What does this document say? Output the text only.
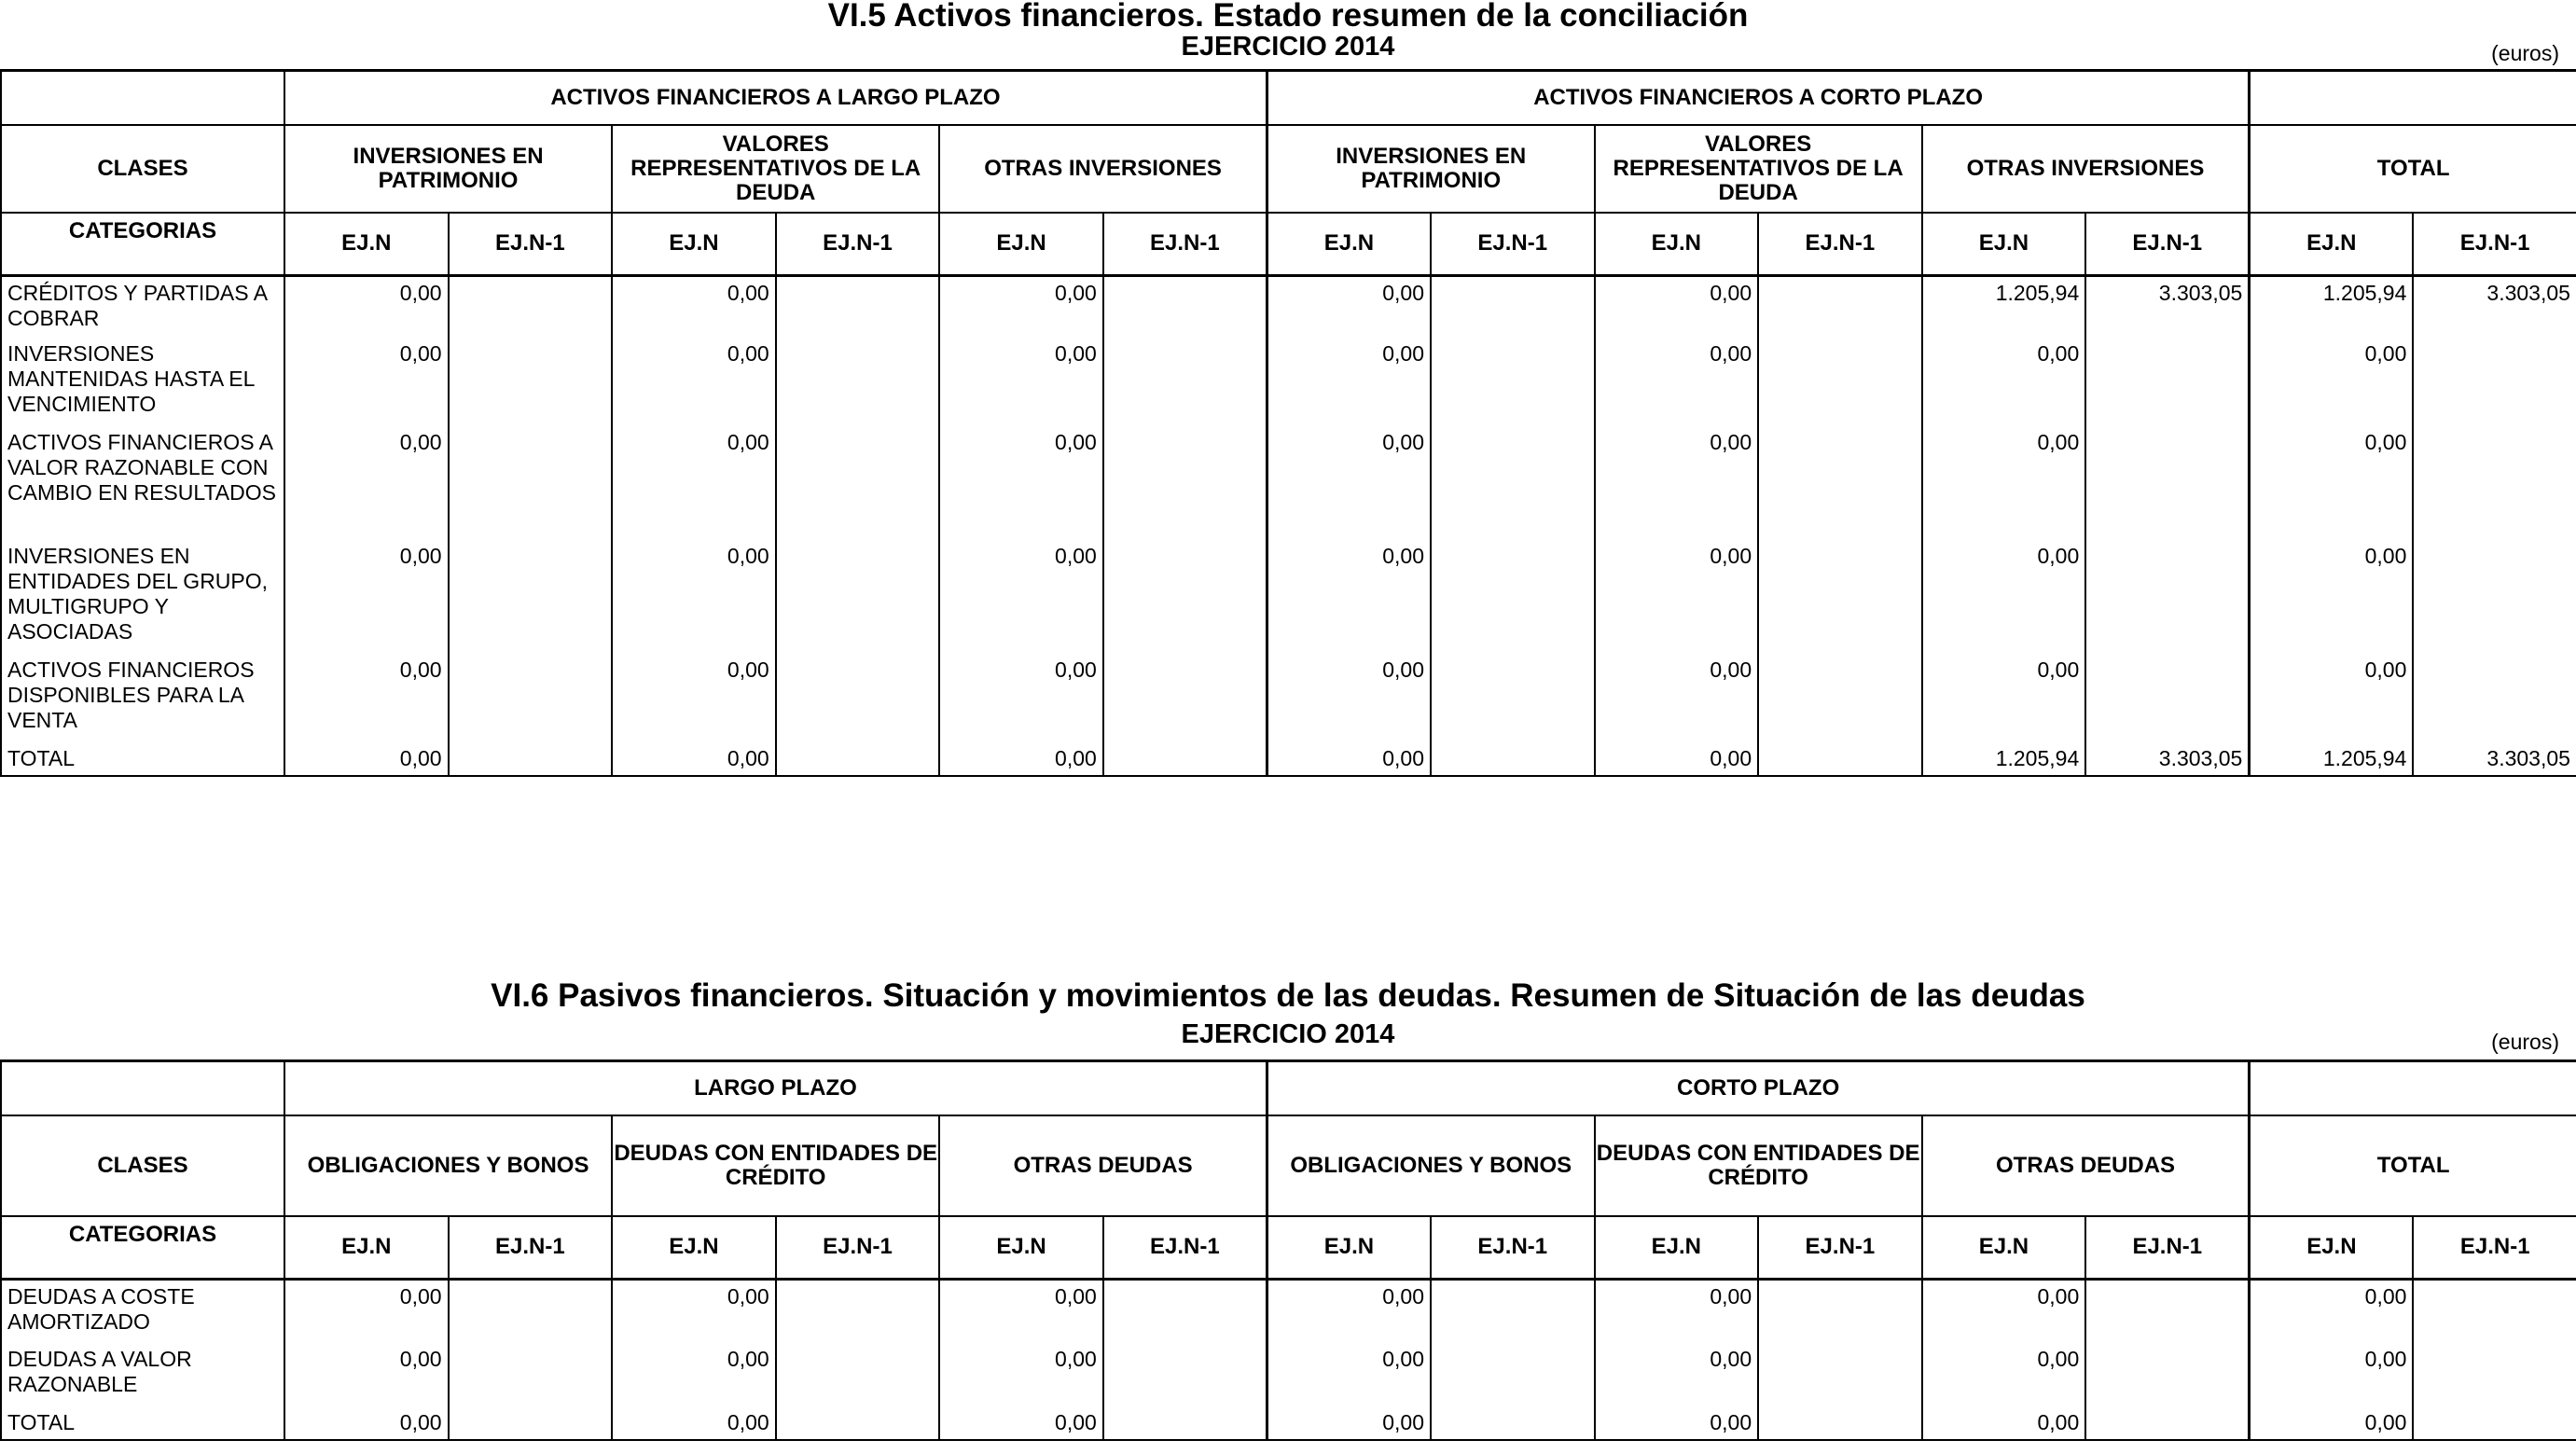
VI.5 Activos financieros. Estado resumen de la conciliación
EJERCICIO 2014	(euros)
	ACTIVOS FINANCIEROS A LARGO PLAZO						ACTIVOS FINANCIEROS A CORTO PLAZO							
CLASES	INVERSIONES EN PATRIMONIO		VALORES REPRESENTATIVOS DE LA DEUDA		OTRAS INVERSIONES		INVERSIONES EN PATRIMONIO		VALORES REPRESENTATIVOS DE LA DEUDA		OTRAS INVERSIONES		TOTAL	
CATEGORIAS	EJ.N	EJ.N-1	EJ.N	EJ.N-1	EJ.N	EJ.N-1	EJ.N	EJ.N-1	EJ.N	EJ.N-1	EJ.N	EJ.N-1	EJ.N	EJ.N-1
CRÉDITOS Y PARTIDAS A COBRAR	0,00		0,00		0,00		0,00		0,00		1.205,94	3.303,05	1.205,94	3.303,05
INVERSIONES MANTENIDAS HASTA EL VENCIMIENTO	0,00		0,00		0,00		0,00		0,00		0,00		0,00	
ACTIVOS FINANCIEROS A VALOR RAZONABLE CON CAMBIO EN RESULTADOS	0,00		0,00		0,00		0,00		0,00		0,00		0,00	
INVERSIONES EN ENTIDADES DEL GRUPO, MULTIGRUPO Y ASOCIADAS	0,00		0,00		0,00		0,00		0,00		0,00		0,00	
ACTIVOS FINANCIEROS DISPONIBLES PARA LA VENTA	0,00		0,00		0,00		0,00		0,00		0,00		0,00	
TOTAL	0,00		0,00		0,00		0,00		0,00		1.205,94	3.303,05	1.205,94	3.303,05
VI.6 Pasivos financieros. Situación y movimientos de las deudas. Resumen de Situación de las deudas
EJERCICIO 2014	(euros)
	LARGO PLAZO						CORTO PLAZO							
CLASES	OBLIGACIONES Y BONOS		DEUDAS CON ENTIDADES DE CRÉDITO		OTRAS DEUDAS		OBLIGACIONES Y BONOS		DEUDAS CON ENTIDADES DE CRÉDITO		OTRAS DEUDAS		TOTAL	
CATEGORIAS	EJ.N	EJ.N-1	EJ.N	EJ.N-1	EJ.N	EJ.N-1	EJ.N	EJ.N-1	EJ.N	EJ.N-1	EJ.N	EJ.N-1	EJ.N	EJ.N-1
DEUDAS A COSTE AMORTIZADO	0,00		0,00		0,00		0,00		0,00		0,00		0,00	
DEUDAS A VALOR RAZONABLE	0,00		0,00		0,00		0,00		0,00		0,00		0,00	
TOTAL	0,00		0,00		0,00		0,00		0,00		0,00		0,00	
